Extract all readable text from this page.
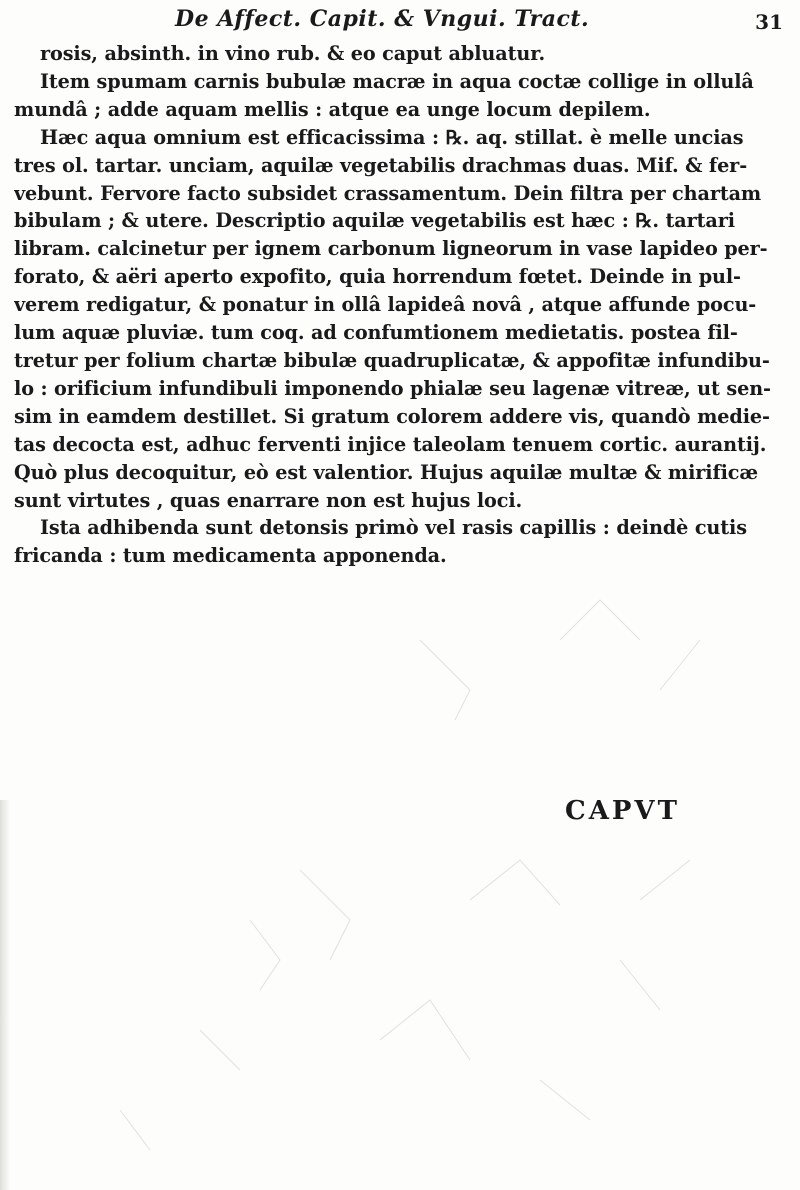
De Affect. Capit. & Vngui. Tract.	31
rosis, absinth. in vino rub. & eo caput abluatur.
Item spumam carnis bubulæ macræ in aqua coctæ collige in ollulâ
mundâ ; adde aquam mellis : atque ea unge locum depilem.
Hæc aqua omnium est efficacissima : ℞. aq. stillat. è melle uncias
tres ol. tartar. unciam, aquilæ vegetabilis drachmas duas. Mif. & fer-
vebunt. Fervore facto subsidet crassamentum. Dein filtra per chartam
bibulam ; & utere. Descriptio aquilæ vegetabilis est hæc : ℞. tartari
libram. calcinetur per ignem carbonum ligneorum in vase lapideo per-
forato, & aëri aperto expofito, quia horrendum fœtet. Deinde in pul-
verem redigatur, & ponatur in ollâ lapideâ novâ , atque affunde pocu-
lum aquæ pluviæ. tum coq. ad confumtionem medietatis. postea fil-
tretur per folium chartæ bibulæ quadruplicatæ, & appofitæ infundibu-
lo : orificium infundibuli imponendo phialæ seu lagenæ vitreæ, ut sen-
sim in eamdem destillet. Si gratum colorem addere vis, quandò medie-
tas decocta est, adhuc ferventi injice taleolam tenuem cortic. aurantij.
Quò plus decoquitur, eò est valentior. Hujus aquilæ multæ & mirificæ
sunt virtutes , quas enarrare non est hujus loci.
Ista adhibenda sunt detonsis primò vel rasis capillis : deindè cutis
fricanda : tum medicamenta apponenda.
CAPVT
